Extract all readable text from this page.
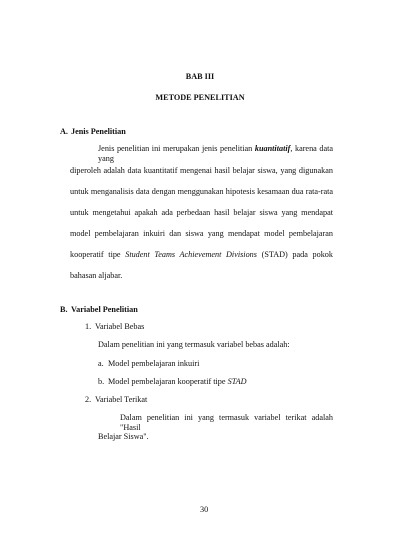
BAB III
METODE PENELITIAN
A. Jenis Penelitian
Jenis penelitian ini merupakan jenis penelitian kuantitatif, karena data yang
diperoleh adalah data kuantitatif mengenai hasil belajar siswa, yang digunakan
untuk menganalisis data dengan menggunakan hipotesis kesamaan dua rata-rata
untuk mengetahui apakah ada perbedaan hasil belajar siswa yang mendapat
model pembelajaran inkuiri dan siswa yang mendapat model pembelajaran
kooperatif tipe Student Teams Achievement Divisions (STAD) pada pokok
bahasan aljabar.
B. Variabel Penelitian
1. Variabel Bebas
Dalam penelitian ini yang termasuk variabel bebas adalah:
a. Model pembelajaran inkuiri
b. Model pembelajaran kooperatif tipe STAD
2. Variabel Terikat
Dalam penelitian ini yang termasuk variabel terikat adalah "Hasil
Belajar Siswa".
30
